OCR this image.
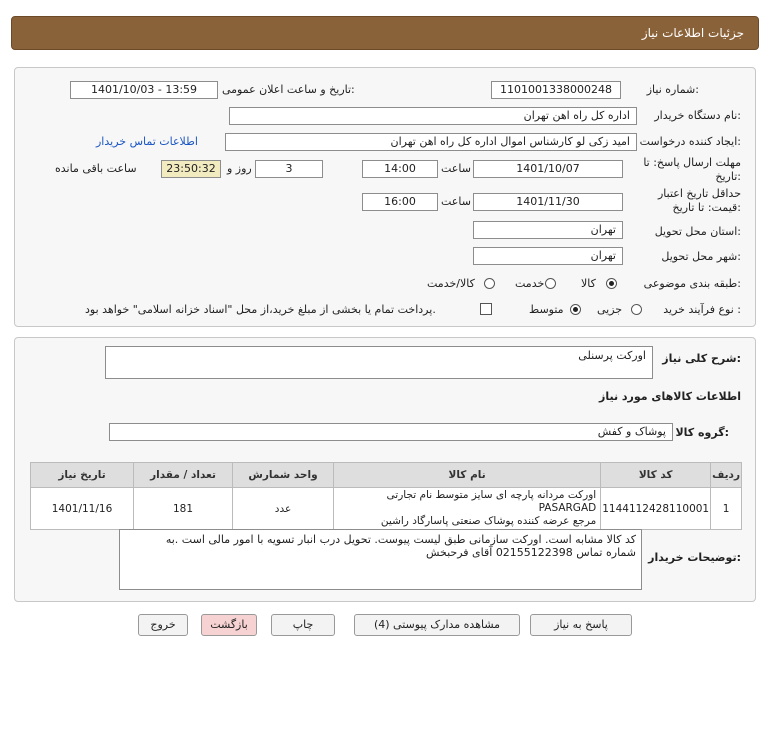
جزئیات اطلاعات نیاز
شماره نیاز:
1101001338000248
تاریخ و ساعت اعلان عمومی:
1401/10/03 - 13:59
نام دستگاه خریدار:
اداره کل راه اهن تهران
ایجاد کننده درخواست:
امید زکی لو کارشناس اموال اداره کل راه اهن تهران
اطلاعات تماس خریدار
مهلت ارسال پاسخ: تا
تاریخ:
1401/10/07
ساعت
14:00
3
روز و
23:50:32
ساعت باقی مانده
حداقل تاریخ اعتبار
قیمت: تا تاریخ:
1401/11/30
ساعت
16:00
استان محل تحویل:
تهران
شهر محل تحویل:
تهران
طبقه بندی موضوعی:
کالا
خدمت
کالا/خدمت
نوع فرآیند خرید :
جزیی
متوسط
پرداخت تمام یا بخشی از مبلغ خرید،از محل "اسناد خزانه اسلامی" خواهد بود.
شرح کلی نیاز:
اورکت پرسنلی
اطلاعات کالاهای مورد نیاز
گروه کالا:
پوشاک و کفش
تاریخ نیاز	تعداد / مقدار	واحد شمارش	نام کالا	کد کالا	ردیف
1401/11/16	181	عدد	اورکت مردانه پارچه ای سایز متوسط نام تجارتی PASARGAD
مرجع عرضه کننده پوشاک صنعتی پاسارگاد راشین	1144112428110001	1
توضیحات خریدار:
کد کالا مشابه است. اورکت سازمانی طبق لیست پیوست. تحویل درب انبار تسویه با امور مالی است .به
شماره تماس 02155122398 آقای فرحبخش
پاسخ به نیاز
مشاهده مدارک پیوستی (4)
چاپ
بازگشت
خروج
